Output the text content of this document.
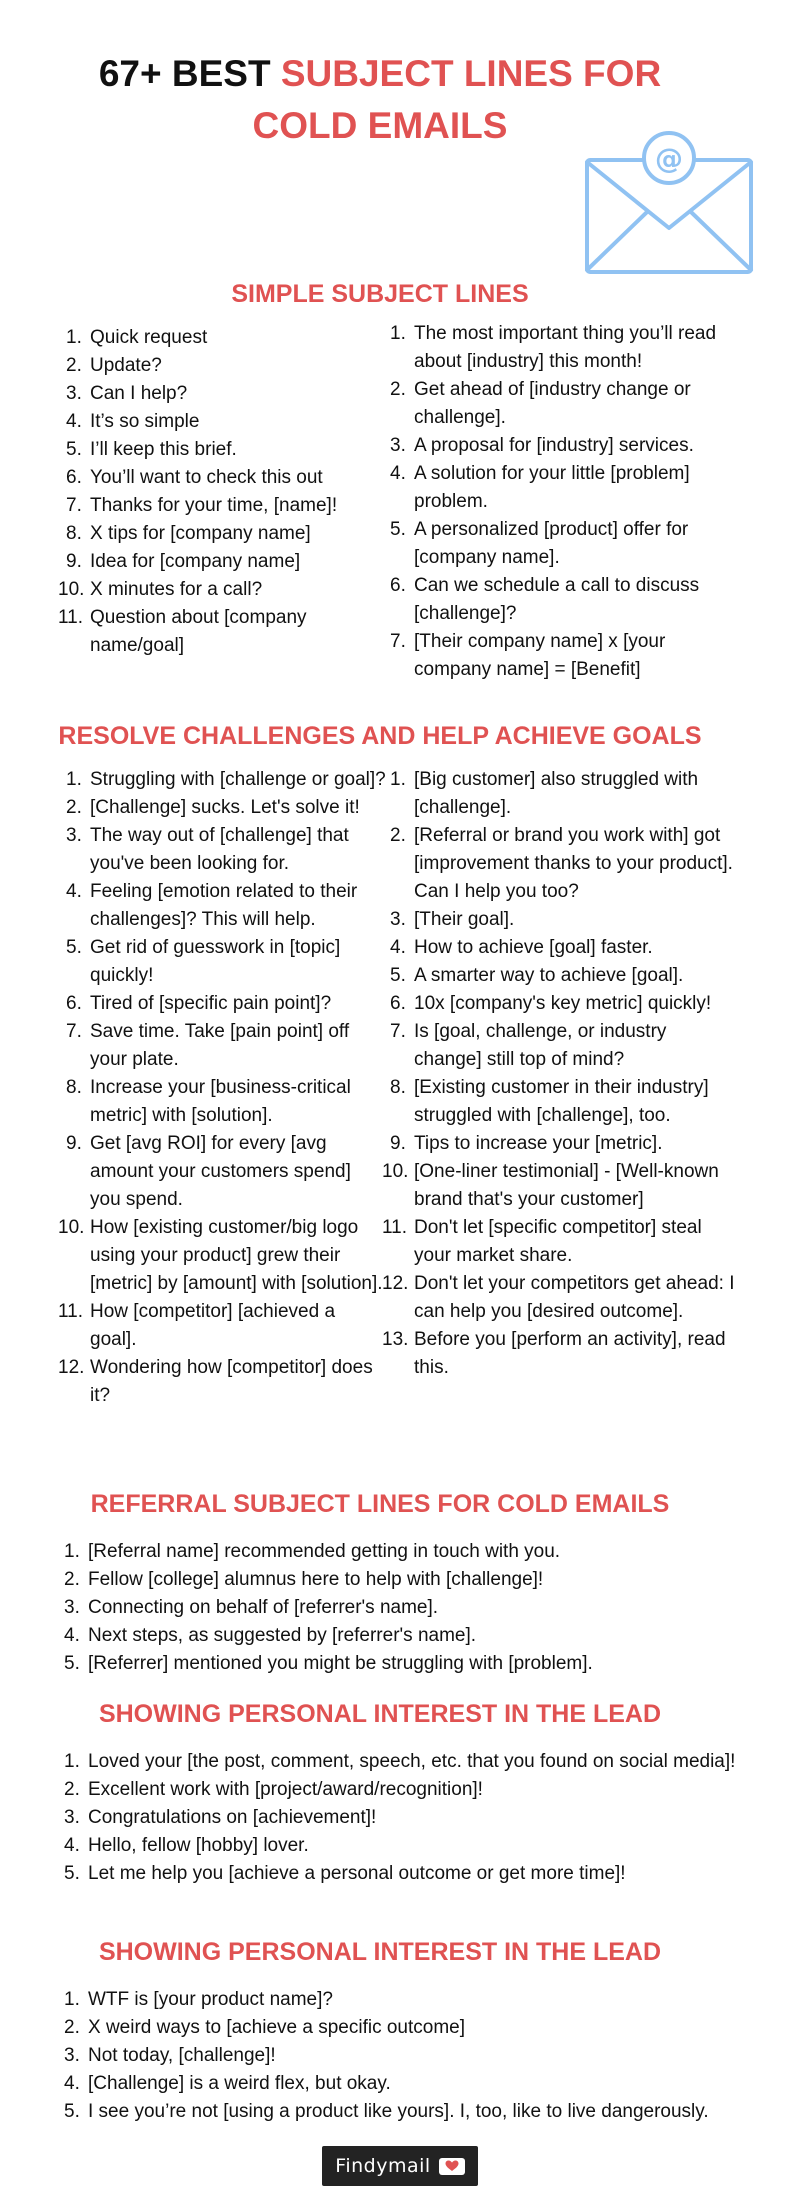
67+ BEST SUBJECT LINES FOR
COLD EMAILS
@
SIMPLE SUBJECT LINES
1. Quick request
2. Update?
3. Can I help?
4. It’s so simple
5. I’ll keep this brief.
6. You’ll want to check this out
7. Thanks for your time, [name]!
8. X tips for [company name]
9. Idea for [company name]
10. X minutes for a call?
11. Question about [company name/goal]
1. The most important thing you’ll read about [industry] this month!
2. Get ahead of [industry change or challenge].
3. A proposal for [industry] services.
4. A solution for your little [problem] problem.
5. A personalized [product] offer for [company name].
6. Can we schedule a call to discuss [challenge]?
7. [Their company name] x [your company name] = [Benefit]
RESOLVE CHALLENGES AND HELP ACHIEVE GOALS
1. Struggling with [challenge or goal]?
2. [Challenge] sucks. Let's solve it!
3. The way out of [challenge] that you've been looking for.
4. Feeling [emotion related to their challenges]? This will help.
5. Get rid of guesswork in [topic] quickly!
6. Tired of [specific pain point]?
7. Save time. Take [pain point] off your plate.
8. Increase your [business-critical metric] with [solution].
9. Get [avg ROI] for every [avg amount your customers spend] you spend.
10. How [existing customer/big logo using your product] grew their [metric] by [amount] with [solution].
11. How [competitor] [achieved a goal].
12. Wondering how [competitor] does it?
1. [Big customer] also struggled with [challenge].
2. [Referral or brand you work with] got [improvement thanks to your product]. Can I help you too?
3. [Their goal].
4. How to achieve [goal] faster.
5. A smarter way to achieve [goal].
6. 10x [company's key metric] quickly!
7. Is [goal, challenge, or industry change] still top of mind?
8. [Existing customer in their industry] struggled with [challenge], too.
9. Tips to increase your [metric].
10. [One-liner testimonial] - [Well-known brand that's your customer]
11. Don't let [specific competitor] steal your market share.
12. Don't let your competitors get ahead: I can help you [desired outcome].
13. Before you [perform an activity], read this.
REFERRAL SUBJECT LINES FOR COLD EMAILS
1. [Referral name] recommended getting in touch with you.
2. Fellow [college] alumnus here to help with [challenge]!
3. Connecting on behalf of [referrer's name].
4. Next steps, as suggested by [referrer's name].
5. [Referrer] mentioned you might be struggling with [problem].
SHOWING PERSONAL INTEREST IN THE LEAD
1. Loved your [the post, comment, speech, etc. that you found on social media]!
2. Excellent work with [project/award/recognition]!
3. Congratulations on [achievement]!
4. Hello, fellow [hobby] lover.
5. Let me help you [achieve a personal outcome or get more time]!
SHOWING PERSONAL INTEREST IN THE LEAD
1. WTF is [your product name]?
2. X weird ways to [achieve a specific outcome]
3. Not today, [challenge]!
4. [Challenge] is a weird flex, but okay.
5. I see you’re not [using a product like yours]. I, too, like to live dangerously.
Findymail
